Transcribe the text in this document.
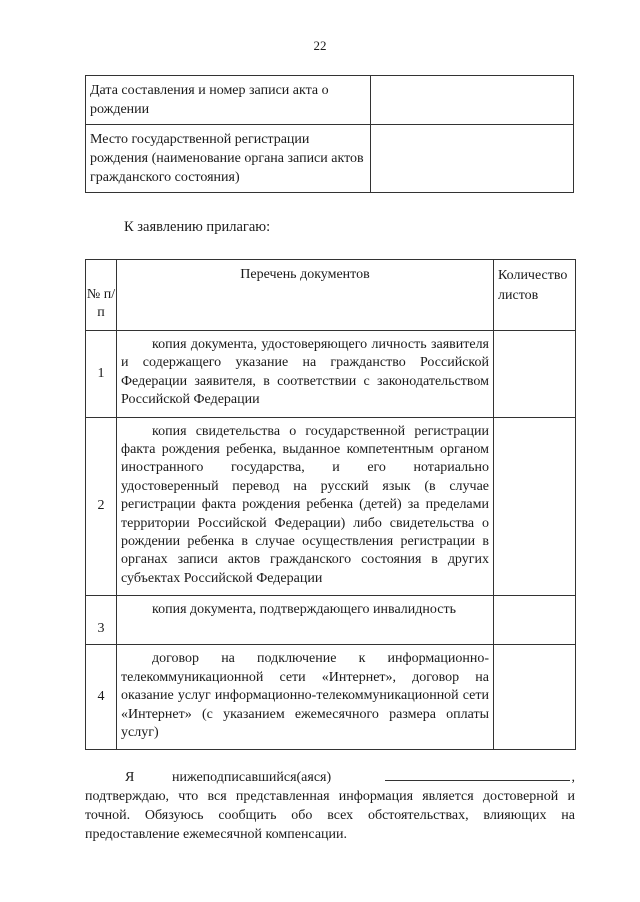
22
Дата составления и номер записи акта о рождении	
Место государственной регистрации рождения (наименование органа записи актов гражданского состояния)	
К заявлению прилагаю:
№ п/п	Перечень документов	Количество листов
1	копия документа, удостоверяющего личность заявителя и содержащего указание на гражданство Российской Федерации заявителя, в соответствии с законодательством Российской Федерации	
2	копия свидетельства о государственной регистрации факта рождения ребенка, выданное компетентным органом иностранного государства, и его нотариально удостоверенный перевод на русский язык (в случае регистрации факта рождения ребенка (детей) за пределами территории Российской Федерации) либо свидетельства о рождении ребенка в случае осуществления регистрации в органах записи актов гражданского состояния в других субъектах Российской Федерации	
3	копия документа, подтверждающего инвалидность	
4	договор на подключение к информационно-телекоммуникационной сети «Интернет», договор на оказание услуг информационно-телекоммуникационной сети «Интернет» (с указанием ежемесячного размера оплаты услуг)	
Я	нижеподписавшийся(аяся)	,
подтверждаю, что вся представленная информация является достоверной и точной. Обязуюсь сообщить обо всех обстоятельствах, влияющих на предоставление ежемесячной компенсации.
